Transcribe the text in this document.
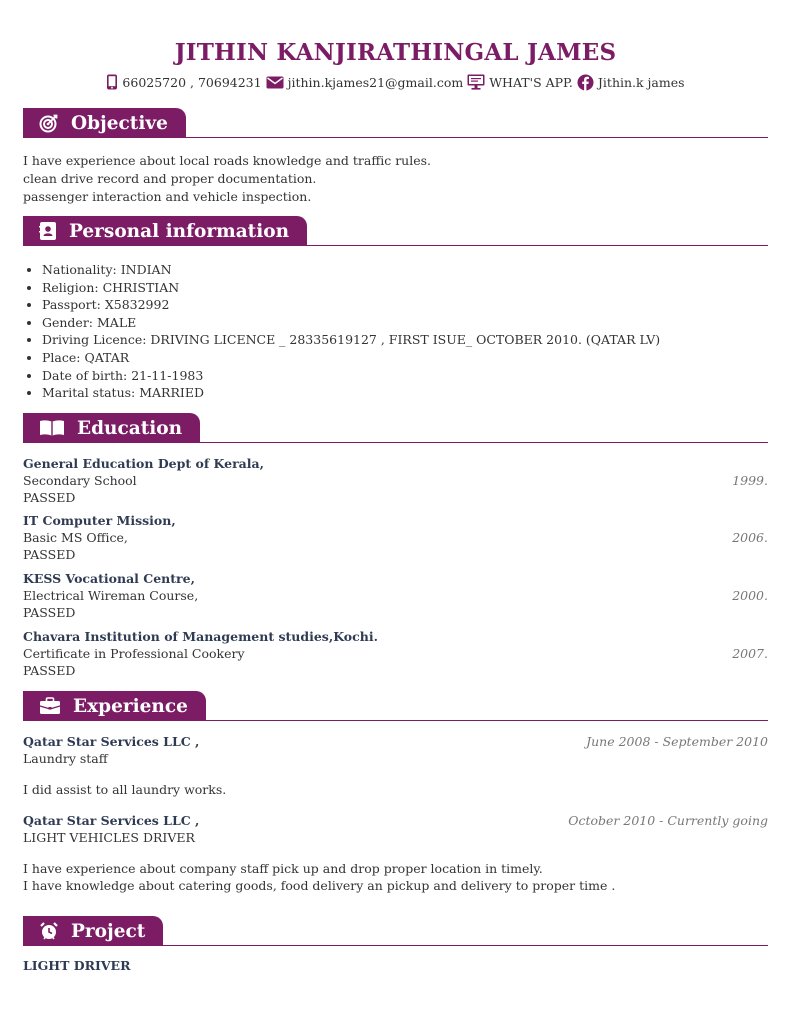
JITHIN KANJIRATHINGAL JAMES
66025720 , 70694231 jithin.kjames21@gmail.com WHAT'S APP. Jithin.k james
Objective
I have experience about local roads knowledge and traffic rules.
clean drive record and proper documentation.
passenger interaction and vehicle inspection.
Personal information
• Nationality: INDIAN
• Religion: CHRISTIAN
• Passport: X5832992
• Gender: MALE
• Driving Licence: DRIVING LICENCE _ 28335619127 , FIRST ISUE_ OCTOBER 2010. (QATAR LV)
• Place: QATAR
• Date of birth: 21-11-1983
• Marital status: MARRIED
Education
General Education Dept of Kerala,
Secondary School
PASSED
1999.
IT Computer Mission,
Basic MS Office,
PASSED
2006.
KESS Vocational Centre,
Electrical Wireman Course,
PASSED
2000.
Chavara Institution of Management studies,Kochi.
Certificate in Professional Cookery
PASSED
2007.
Experience
Qatar Star Services LLC ,
Laundry staff
June 2008 - September 2010
I did assist to all laundry works.
Qatar Star Services LLC ,
LIGHT VEHICLES DRIVER
October 2010 - Currently going
I have experience about company staff pick up and drop proper location in timely.
I have knowledge about catering goods, food delivery an pickup and delivery to proper time .
Project
LIGHT DRIVER
